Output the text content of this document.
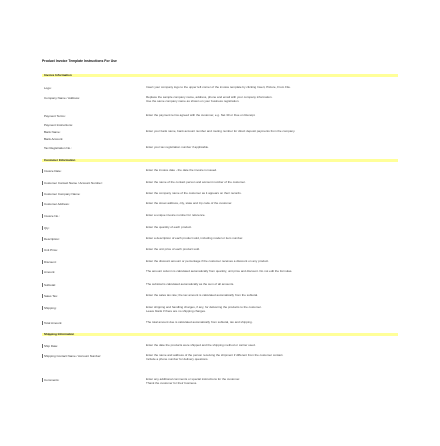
Product Invoice Template Instructions For Use
Invoice Information
Logo:	Insert your company logo to the upper left corner of the invoice template by clicking Insert, Picture, From File.
Company Name / Address:	Replace the sample company name, address, phone and email with your company information.
Use the same company name as shown on your business registration.
Payment Terms:	Enter the payment terms agreed with the customer, e.g. Net 30 or Due on Receipt.
Payment Instructions:
Bank Name:	Enter your bank name, bank account number and routing number for direct deposit payments from the company.
Bank Account:
Tax Registration No.:	Enter your tax registration number if applicable.
Customer Information
Invoice Date:	Enter the invoice date - the date the invoice is issued.
Customer Contact Name / Account Number:	Enter the name of the contact person and account number of the customer.
Customer Company Name:	Enter the company name of the customer as it appears on their records.
Customer Address:	Enter the street address, city, state and zip code of the customer.
Invoice No.:	Enter a unique invoice number for reference.
Qty:	Enter the quantity of each product.
Description:	Enter a description of each product sold, including model or item number.
Unit Price:	Enter the unit price of each product sold.
Discount:	Enter the discount amount or percentage if the customer receives a discount on any product.
Amount:	The amount column is calculated automatically from quantity, unit price and discount. Do not edit the formulas.
Subtotal:	The subtotal is calculated automatically as the sum of all amounts.
Sales Tax:	Enter the sales tax rate; the tax amount is calculated automatically from the subtotal.
Shipping:	Enter shipping and handling charges, if any, for delivering the products to the customer.
Leave blank if there are no shipping charges.
Total Amount:	The total amount due is calculated automatically from subtotal, tax and shipping.
Shipping Information
Ship Date:	Enter the date the products were shipped and the shipping method or carrier used.
Shipping Contact Name / Account Number:	Enter the name and address of the person receiving the shipment if different from the customer contact.
Include a phone number for delivery questions.
Comments:	Enter any additional comments or special instructions for the customer.
Thank the customer for their business.
